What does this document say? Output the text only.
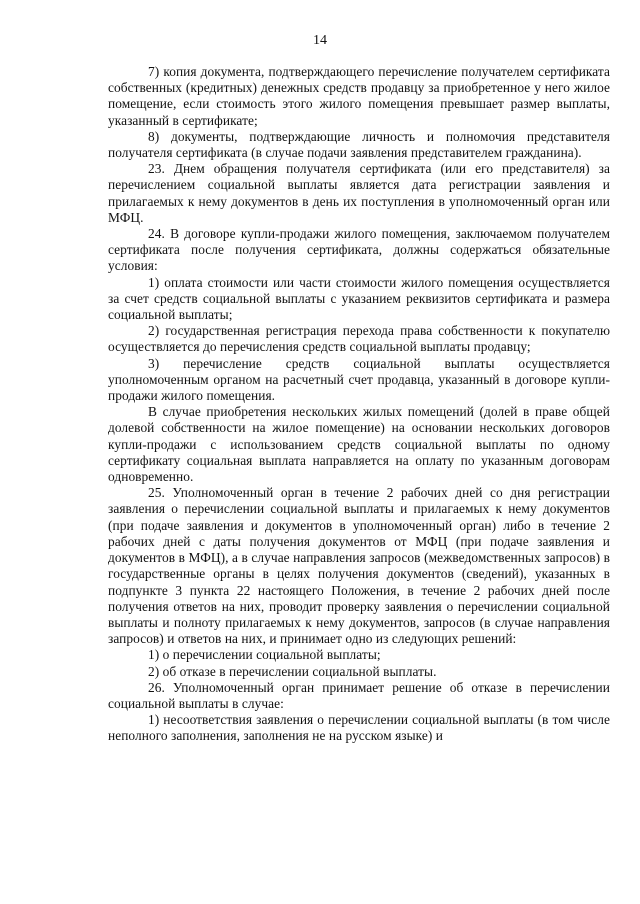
14

7) копия документа, подтверждающего перечисление получателем сертификата собственных (кредитных) денежных средств продавцу за приобретенное у него жилое помещение, если стоимость этого жилого помещения превышает размер выплаты, указанный в сертификате;

8) документы, подтверждающие личность и полномочия представителя получателя сертификата (в случае подачи заявления представителем гражданина).

23. Днем обращения получателя сертификата (или его представителя) за перечислением социальной выплаты является дата регистрации заявления и прилагаемых к нему документов в день их поступления в уполномоченный орган или МФЦ.

24. В договоре купли-продажи жилого помещения, заключаемом получателем сертификата после получения сертификата, должны содержаться обязательные условия:

1) оплата стоимости или части стоимости жилого помещения осуществляется за счет средств социальной выплаты с указанием реквизитов сертификата и размера социальной выплаты;

2) государственная регистрация перехода права собственности к покупателю осуществляется до перечисления средств социальной выплаты продавцу;

3) перечисление средств социальной выплаты осуществляется уполномоченным органом на расчетный счет продавца, указанный в договоре купли-продажи жилого помещения.

В случае приобретения нескольких жилых помещений (долей в праве общей долевой собственности на жилое помещение) на основании нескольких договоров купли-продажи с использованием средств социальной выплаты по одному сертификату социальная выплата направляется на оплату по указанным договорам одновременно.

25. Уполномоченный орган в течение 2 рабочих дней со дня регистрации заявления о перечислении социальной выплаты и прилагаемых к нему документов (при подаче заявления и документов в уполномоченный орган) либо в течение 2 рабочих дней с даты получения документов от МФЦ (при подаче заявления и документов в МФЦ), а в случае направления запросов (межведомственных запросов) в государственные органы в целях получения документов (сведений), указанных в подпункте 3 пункта 22 настоящего Положения, в течение 2 рабочих дней после получения ответов на них, проводит проверку заявления о перечислении социальной выплаты и полноту прилагаемых к нему документов, запросов (в случае направления запросов) и ответов на них, и принимает одно из следующих решений:

1) о перечислении социальной выплаты;

2) об отказе в перечислении социальной выплаты.

26. Уполномоченный орган принимает решение об отказе в перечислении социальной выплаты в случае:

1) несоответствия заявления о перечислении социальной выплаты (в том числе неполного заполнения, заполнения не на русском языке) и
